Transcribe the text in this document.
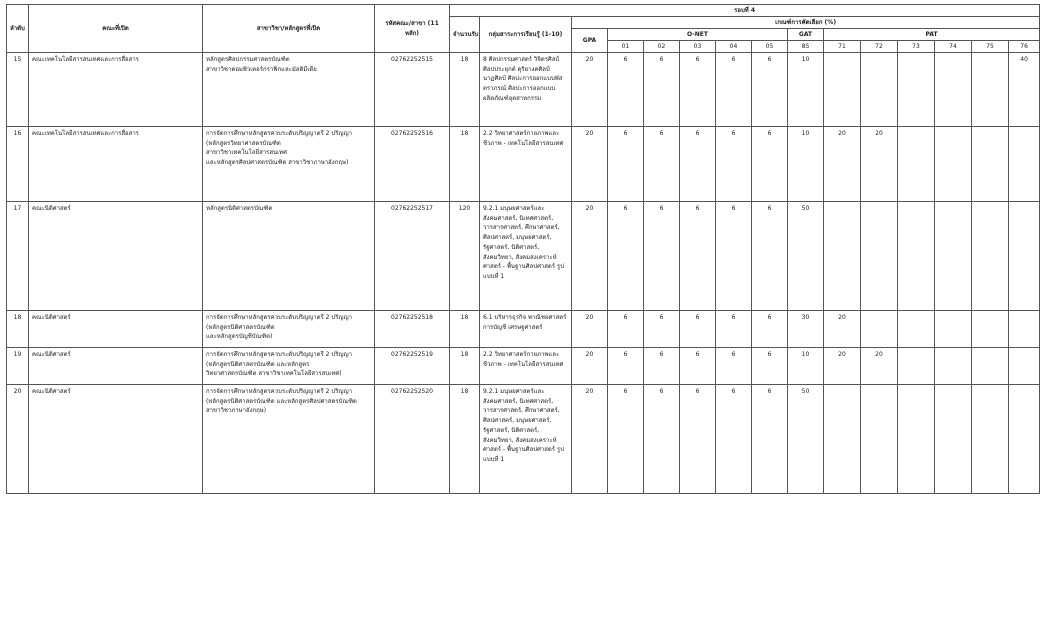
ลำดับ	คณะที่เปิด	สาขาวิชา/หลักสูตรที่เปิด	รหัสคณะ/สาขา (11 หลัก)	รอบที่ 4														
				จำนวนรับ	กลุ่มสาระการเรียนรู้ (1-10)	เกณฑ์การคัดเลือก (%)												
						GPA	O-NET					GAT	PAT					
							01	02	03	04	05	85	71	72	73	74	75	76
15	คณะเทคโนโลยีสารสนเทศและการสื่อสาร	หลักสูตรศิลปกรรมศาสตรบัณฑิต
สาขาวิชาคอมพิวเตอร์กราฟิกและมัลติมีเดีย	02762252515	18	8 ศิลปกรรมศาสตร์ วิจิตรศิลป์ ศิลปประยุกต์ ดุริยางคศิลป์ นาฏศิลป์ ศิลปะการออกแบบพัสตราภรณ์ ศิลปะการออกแบบผลิตภัณฑ์อุตสาหกรรม	20	6	6	6	6	6	10						40
16	คณะเทคโนโลยีสารสนเทศและการสื่อสาร	การจัดการศึกษาหลักสูตรควบระดับปริญญาตรี 2 ปริญญา
(หลักสูตรวิทยาศาสตรบัณฑิต
สาขาวิชาเทคโนโลยีสารสนเทศ
และหลักสูตรศิลปศาสตรบัณฑิต สาขาวิชาภาษาอังกฤษ)	02762252516	18	2.2 วิทยาศาสตร์กายภาพและชีวภาพ - เทคโนโลยีสารสนเทศ	20	6	6	6	6	6	10	20	20				
17	คณะนิติศาสตร์	หลักสูตรนิติศาสตรบัณฑิต	02762252517	120	9.2.1 มนุษยศาสตร์และสังคมศาสตร์, นิเทศศาสตร์, วารสารศาสตร์, ศึกษาศาสตร์, ศิลปศาสตร์, มนุษยศาสตร์, รัฐศาสตร์, นิติศาสตร์, สังคมวิทยา, สังคมสงเคราะห์ศาสตร์ - พื้นฐานศิลปศาสตร์ รูปแบบที่ 1	20	6	6	6	6	6	50						
18	คณะนิติศาสตร์	การจัดการศึกษาหลักสูตรควบระดับปริญญาตรี 2 ปริญญา
(หลักสูตรนิติศาสตรบัณฑิต
และหลักสูตรบัญชีบัณฑิต)	02762252518	18	6.1 บริหารธุรกิจ พาณิชยศาสตร์ การบัญชี เศรษฐศาสตร์	20	6	6	6	6	6	30	20					
19	คณะนิติศาสตร์	การจัดการศึกษาหลักสูตรควบระดับปริญญาตรี 2 ปริญญา
(หลักสูตรนิติศาสตรบัณฑิต และหลักสูตร
วิทยาศาสตรบัณฑิต สาขาวิชาเทคโนโลยีสารสนเทศ)	02762252519	18	2.2 วิทยาศาสตร์กายภาพและชีวภาพ - เทคโนโลยีสารสนเทศ	20	6	6	6	6	6	10	20	20				
20	คณะนิติศาสตร์	การจัดการศึกษาหลักสูตรควบระดับปริญญาตรี 2 ปริญญา
(หลักสูตรนิติศาสตรบัณฑิต และหลักสูตรศิลปศาสตรบัณฑิต
สาขาวิชาภาษาอังกฤษ)	02762252520	18	9.2.1 มนุษยศาสตร์และสังคมศาสตร์, นิเทศศาสตร์, วารสารศาสตร์, ศึกษาศาสตร์, ศิลปศาสตร์, มนุษยศาสตร์, รัฐศาสตร์, นิติศาสตร์, สังคมวิทยา, สังคมสงเคราะห์ศาสตร์ - พื้นฐานศิลปศาสตร์ รูปแบบที่ 1	20	6	6	6	6	6	50						
